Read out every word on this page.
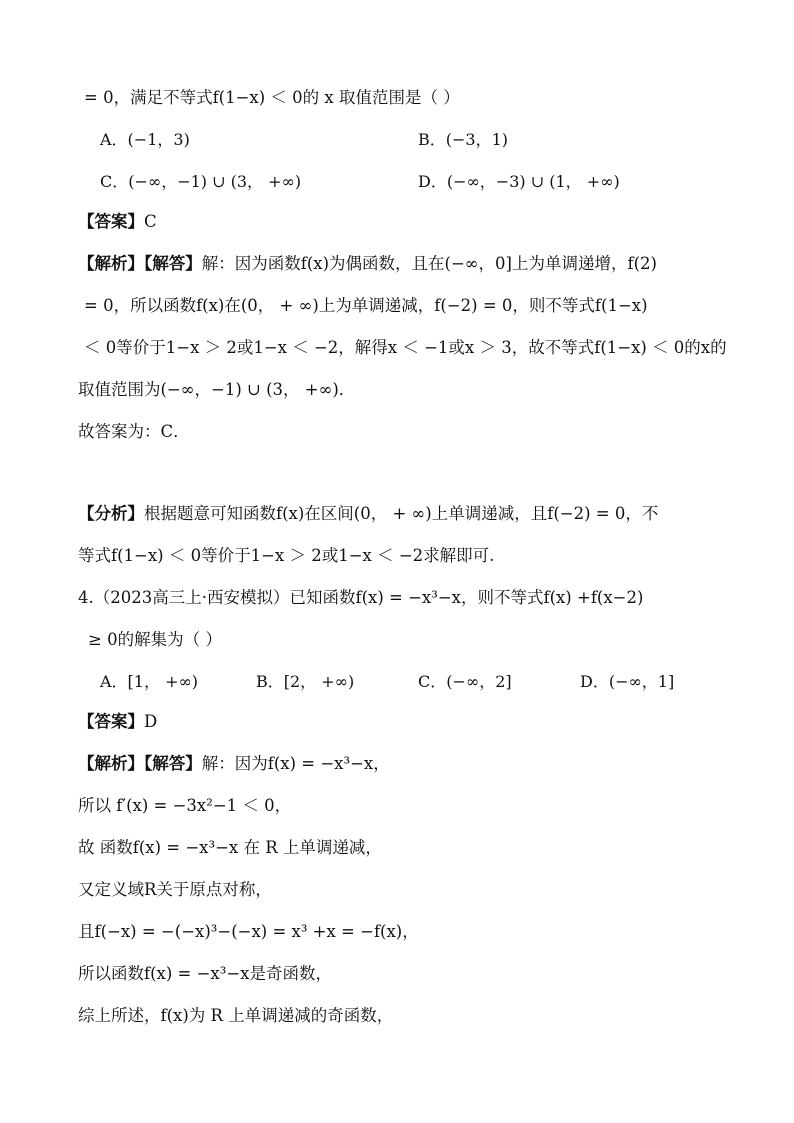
= 0，满足不等式f(1−x) ＜ 0的 x 取值范围是（ ）
A．(−1，3)	B．(−3，1)
C．(−∞，−1) ∪ (3， +∞)	D．(−∞，−3) ∪ (1， +∞)
【答案】C
【解析】【解答】解：因为函数f(x)为偶函数，且在(−∞，0]上为单调递增，f(2)
= 0，所以函数f(x)在(0， + ∞)上为单调递减，f(−2) = 0，则不等式f(1−x)
＜ 0等价于1−x ＞ 2或1−x ＜ −2，解得x ＜ −1或x ＞ 3，故不等式f(1−x) ＜ 0的x的
取值范围为(−∞，−1) ∪ (3， +∞)．
故答案为：C．
【分析】根据题意可知函数f(x)在区间(0， + ∞)上单调递减，且f(−2) = 0，不
等式f(1−x) ＜ 0等价于1−x ＞ 2或1−x ＜ −2求解即可.
4.（2023高三上·西安模拟）已知函数f(x) = −x³−x，则不等式f(x) +f(x−2)
≥ 0的解集为（ ）
A．[1， +∞)	B．[2， +∞)	C．(−∞，2]	D．(−∞，1]
【答案】D
【解析】【解答】解：因为f(x) = −x³−x，
所以 f′(x) = −3x²−1 ＜ 0，
故 函数f(x) = −x³−x 在 R 上单调递减，
又定义域R关于原点对称，
且f(−x) = −(−x)³−(−x) = x³ +x = −f(x)，
所以函数f(x) = −x³−x是奇函数，
综上所述，f(x)为 R 上单调递减的奇函数，
